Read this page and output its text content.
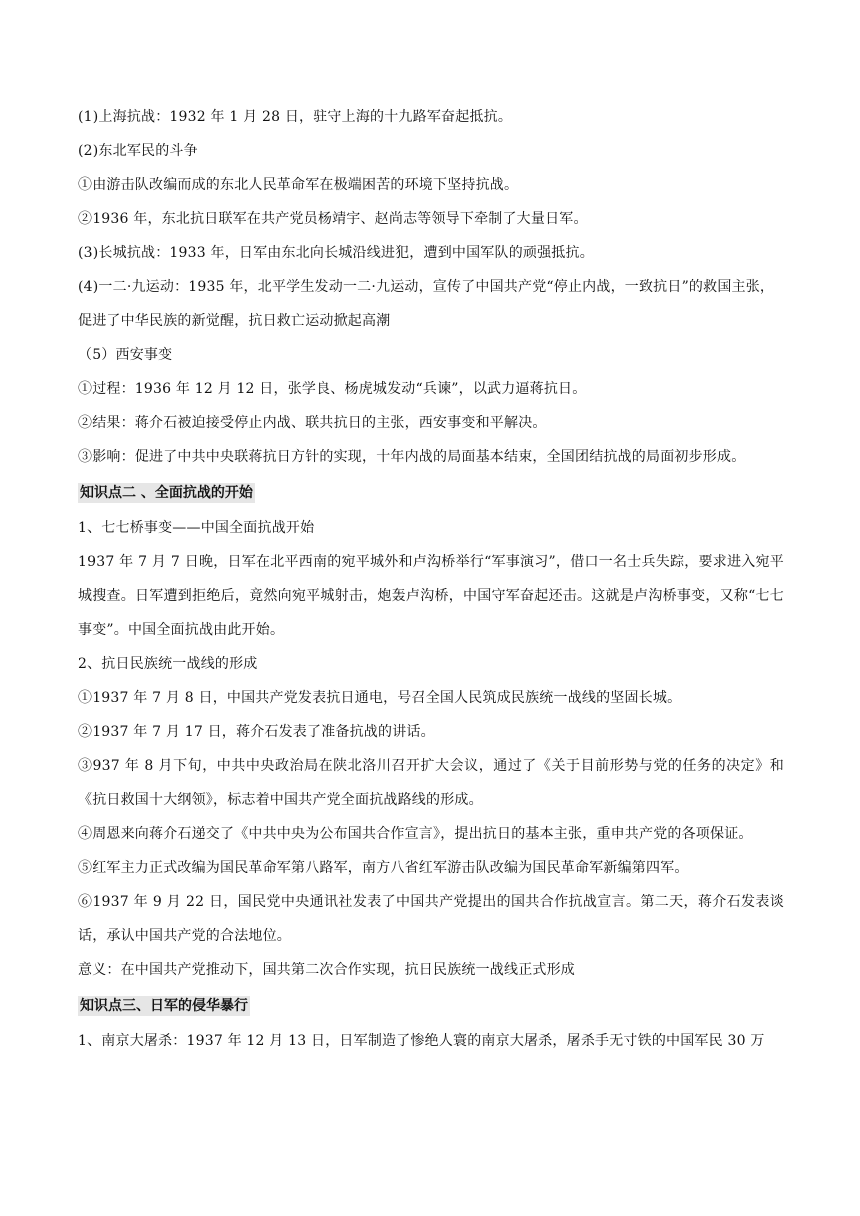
(1)上海抗战：1932 年 1 月 28 日，驻守上海的十九路军奋起抵抗。
(2)东北军民的斗争
①由游击队改编而成的东北人民革命军在极端困苦的环境下坚持抗战。
②1936 年，东北抗日联军在共产党员杨靖宇、赵尚志等领导下牵制了大量日军。
(3)长城抗战：1933 年，日军由东北向长城沿线进犯，遭到中国军队的顽强抵抗。
(4)一二·九运动：1935 年，北平学生发动一二·九运动，宣传了中国共产党“停止内战，一致抗日”的救国主张，
促进了中华民族的新觉醒，抗日救亡运动掀起高潮
（5）西安事变
①过程：1936 年 12 月 12 日，张学良、杨虎城发动“兵谏”，以武力逼蒋抗日。
②结果：蒋介石被迫接受停止内战、联共抗日的主张，西安事变和平解决。
③影响：促进了中共中央联蒋抗日方针的实现，十年内战的局面基本结束，全国团结抗战的局面初步形成。
知识点二 、全面抗战的开始
1、七七桥事变——中国全面抗战开始
1937 年 7 月 7 日晚，日军在北平西南的宛平城外和卢沟桥举行“军事演习”，借口一名士兵失踪，要求进入宛平城搜查。日军遭到拒绝后，竟然向宛平城射击，炮轰卢沟桥，中国守军奋起还击。这就是卢沟桥事变，又称“七七事变”。中国全面抗战由此开始。
2、抗日民族统一战线的形成
①1937 年 7 月 8 日，中国共产党发表抗日通电，号召全国人民筑成民族统一战线的坚固长城。
②1937 年 7 月 17 日，蒋介石发表了准备抗战的讲话。
③937 年 8 月下旬，中共中央政治局在陕北洛川召开扩大会议，通过了《关于目前形势与党的任务的决定》和《抗日救国十大纲领》，标志着中国共产党全面抗战路线的形成。
④周恩来向蒋介石递交了《中共中央为公布国共合作宣言》，提出抗日的基本主张，重申共产党的各项保证。
⑤红军主力正式改编为国民革命军第八路军，南方八省红军游击队改编为国民革命军新编第四军。
⑥1937 年 9 月 22 日，国民党中央通讯社发表了中国共产党提出的国共合作抗战宣言。第二天，蒋介石发表谈话，承认中国共产党的合法地位。
意义：在中国共产党推动下，国共第二次合作实现，抗日民族统一战线正式形成
知识点三、日军的侵华暴行
1、南京大屠杀：1937 年 12 月 13 日，日军制造了惨绝人寰的南京大屠杀，屠杀手无寸铁的中国军民 30 万
